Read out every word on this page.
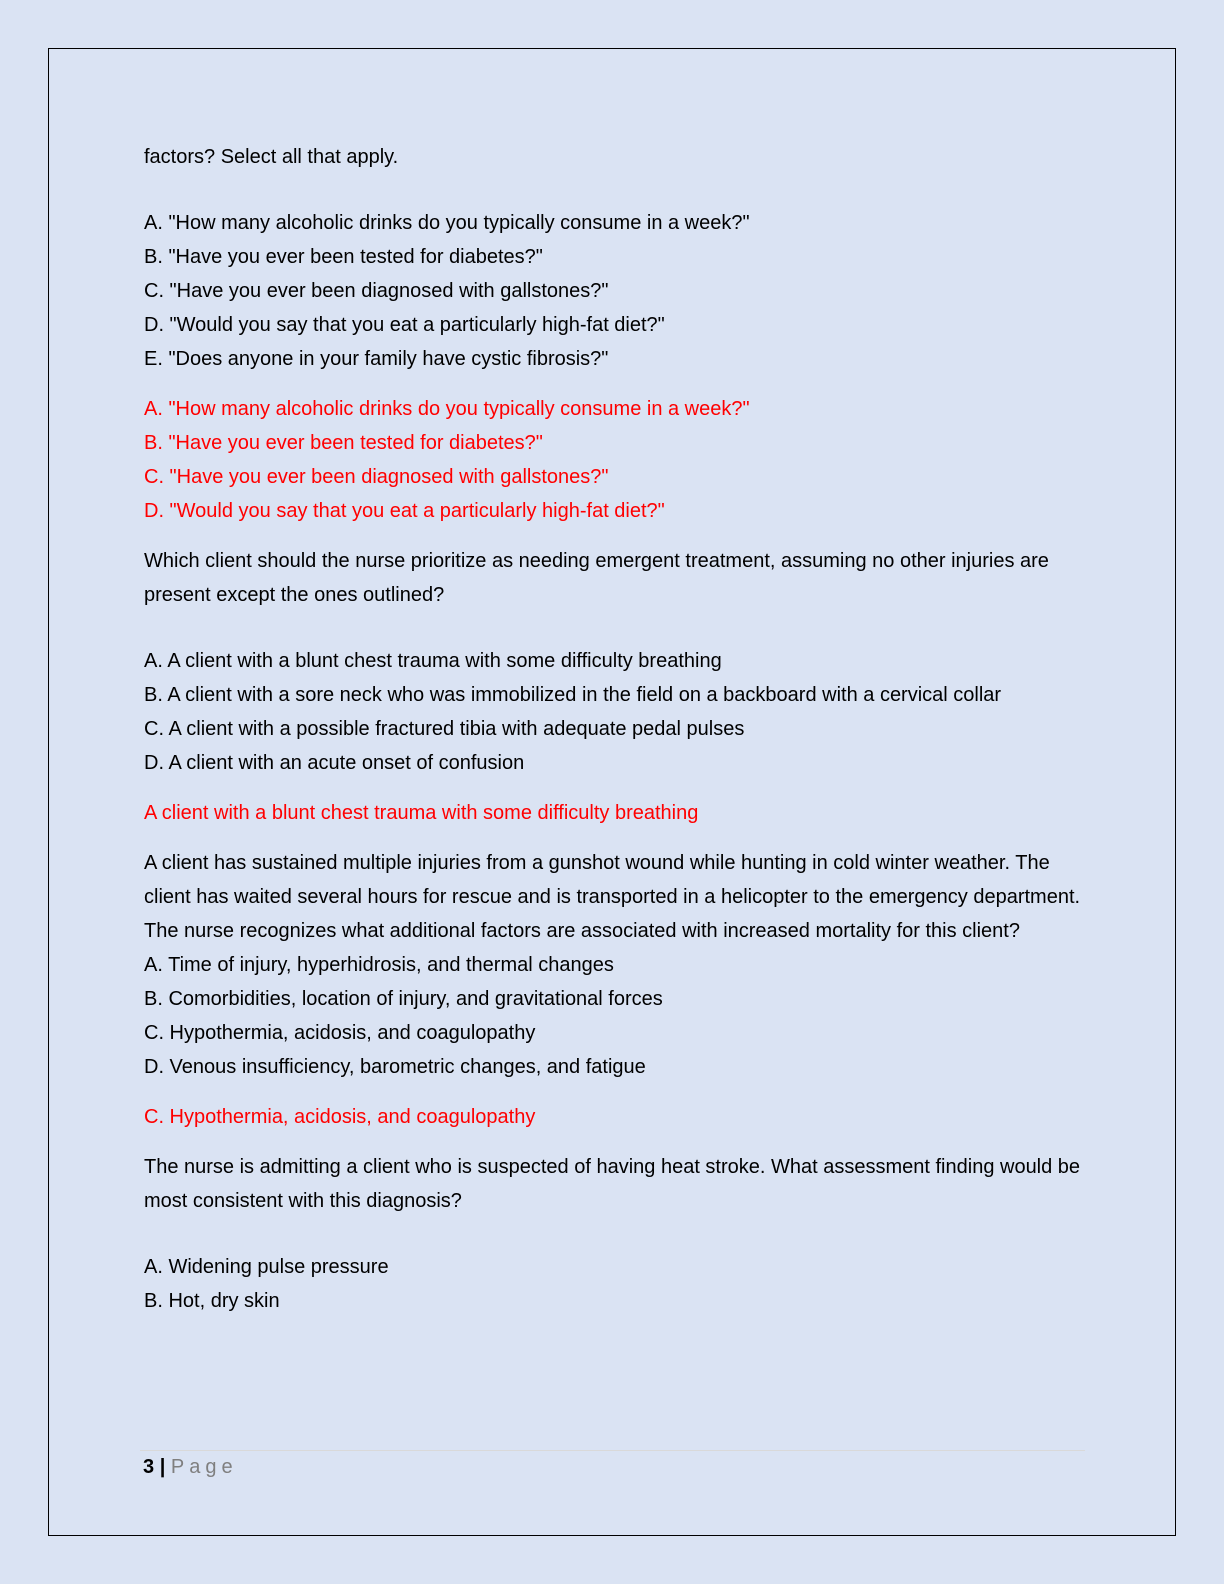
factors? Select all that apply.

A. "How many alcoholic drinks do you typically consume in a week?"

B. "Have you ever been tested for diabetes?"

C. "Have you ever been diagnosed with gallstones?"

D. "Would you say that you eat a particularly high-fat diet?"

E. "Does anyone in your family have cystic fibrosis?"

A. "How many alcoholic drinks do you typically consume in a week?"

B. "Have you ever been tested for diabetes?"

C. "Have you ever been diagnosed with gallstones?"

D. "Would you say that you eat a particularly high-fat diet?"

Which client should the nurse prioritize as needing emergent treatment, assuming no other injuries are present except the ones outlined?

A. A client with a blunt chest trauma with some difficulty breathing

B. A client with a sore neck who was immobilized in the field on a backboard with a cervical collar

C. A client with a possible fractured tibia with adequate pedal pulses

D. A client with an acute onset of confusion

A client with a blunt chest trauma with some difficulty breathing

A client has sustained multiple injuries from a gunshot wound while hunting in cold winter weather. The client has waited several hours for rescue and is transported in a helicopter to the emergency department. The nurse recognizes what additional factors are associated with increased mortality for this client?

A. Time of injury, hyperhidrosis, and thermal changes

B. Comorbidities, location of injury, and gravitational forces

C. Hypothermia, acidosis, and coagulopathy

D. Venous insufficiency, barometric changes, and fatigue

C. Hypothermia, acidosis, and coagulopathy

The nurse is admitting a client who is suspected of having heat stroke. What assessment finding would be most consistent with this diagnosis?

A. Widening pulse pressure

B. Hot, dry skin

3 | Page
